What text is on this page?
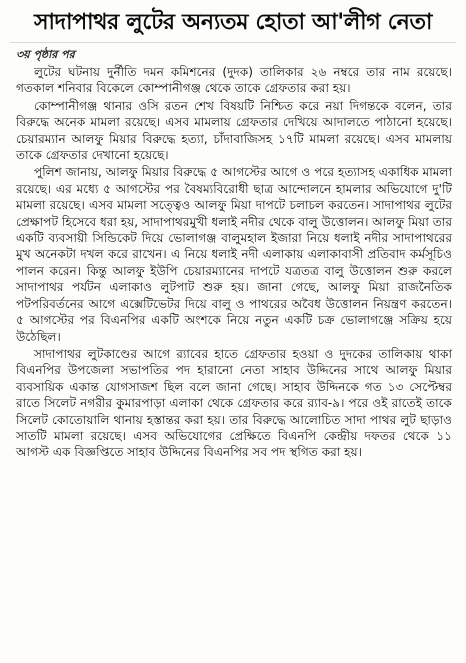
সাদাপাথর লুটের অন্যতম হোতা আ'লীগ নেতা
৩য় পৃষ্ঠার পর

লুটের ঘটনায় দুর্নীতি দমন কমিশনের (দুদক) তালিকার ২৬ নম্বরে তার নাম রয়েছে। গতকাল শনিবার বিকেলে কোম্পানীগঞ্জ থেকে তাকে গ্রেফতার করা হয়।

কোম্পানীগঞ্জ থানার ওসি রতন শেখ বিষয়টি নিশ্চিত করে নয়া দিগন্তকে বলেন, তার বিরুদ্ধে অনেক মামলা রয়েছে। এসব মামলায় গ্রেফতার দেখিয়ে আদালতে পাঠানো হয়েছে। চেয়ারম্যান আলফু মিয়ার বিরুদ্ধে হত্যা, চাঁদাবাজিসহ ১৭টি মামলা রয়েছে। এসব মামলায় তাকে গ্রেফতার দেখানো হয়েছে।

পুলিশ জানায়, আলফু মিয়ার বিরুদ্ধে ৫ আগস্টের আগে ও পরে হত্যাসহ একাধিক মামলা রয়েছে। এর মধ্যে ৫ আগস্টের পর বৈষম্যবিরোধী ছাত্র আন্দোলনে হামলার অভিযোগে দু'টি মামলা রয়েছে। এসব মামলা সত্ত্বেও আলফু মিয়া দাপটে চলাচল করতেন। সাদাপাথর লুটের প্রেক্ষাপট হিসেবে ধরা হয়, সাদাপাথরমুখী ধলাই নদীর থেকে বালু উত্তোলন। আলফু মিয়া তার একটি ব্যবসায়ী সিন্ডিকেট দিয়ে ভোলাগঞ্জ বালুমহাল ইজারা নিয়ে ধলাই নদীর সাদাপাথরের মুখ অনেকটা দখল করে রাখেন। এ নিয়ে ধলাই নদী এলাকায় এলাকাবাসী প্রতিবাদ কর্মসূচিও পালন করেন। কিন্তু আলফু ইউপি চেয়ারম্যানের দাপটে যত্রতত্র বালু উত্তোলন শুরু করলে সাদাপাথর পর্যটন এলাকাও লুটপাট শুরু হয়। জানা গেছে, আলফু মিয়া রাজনৈতিক পটপরিবর্তনের আগে এক্সেটিভেটর দিয়ে বালু ও পাথরের অবৈধ উত্তোলন নিয়ন্ত্রণ করতেন। ৫ আগস্টের পর বিএনপির একটি অংশকে নিয়ে নতুন একটি চক্র ভোলাগঞ্জে সক্রিয় হয়ে উঠেছিল।

সাদাপাথর লুটকাণ্ডের আগে র‍্যাবের হাতে গ্রেফতার হওয়া ও দুদকের তালিকায় থাকা বিএনপির উপজেলা সভাপতির পদ হারানো নেতা সাহাব উদ্দিনের সাথে আলফু মিয়ার ব্যবসায়িক একান্ত যোগসাজশ ছিল বলে জানা গেছে। সাহাব উদ্দিনকে গত ১৩ সেপ্টেম্বর রাতে সিলেট নগরীর কুমারপাড়া এলাকা থেকে গ্রেফতার করে র‍্যাব-৯। পরে ওই রাতেই তাকে সিলেট কোতোয়ালি থানায় হস্তান্তর করা হয়। তার বিরুদ্ধে আলোচিত সাদা পাথর লুট ছাড়াও সাতটি মামলা রয়েছে। এসব অভিযোগের প্রেক্ষিতে বিএনপি কেন্দ্রীয় দফতর থেকে ১১ আগস্ট এক বিজ্ঞপ্তিতে সাহাব উদ্দিনের বিএনপির সব পদ স্থগিত করা হয়।
